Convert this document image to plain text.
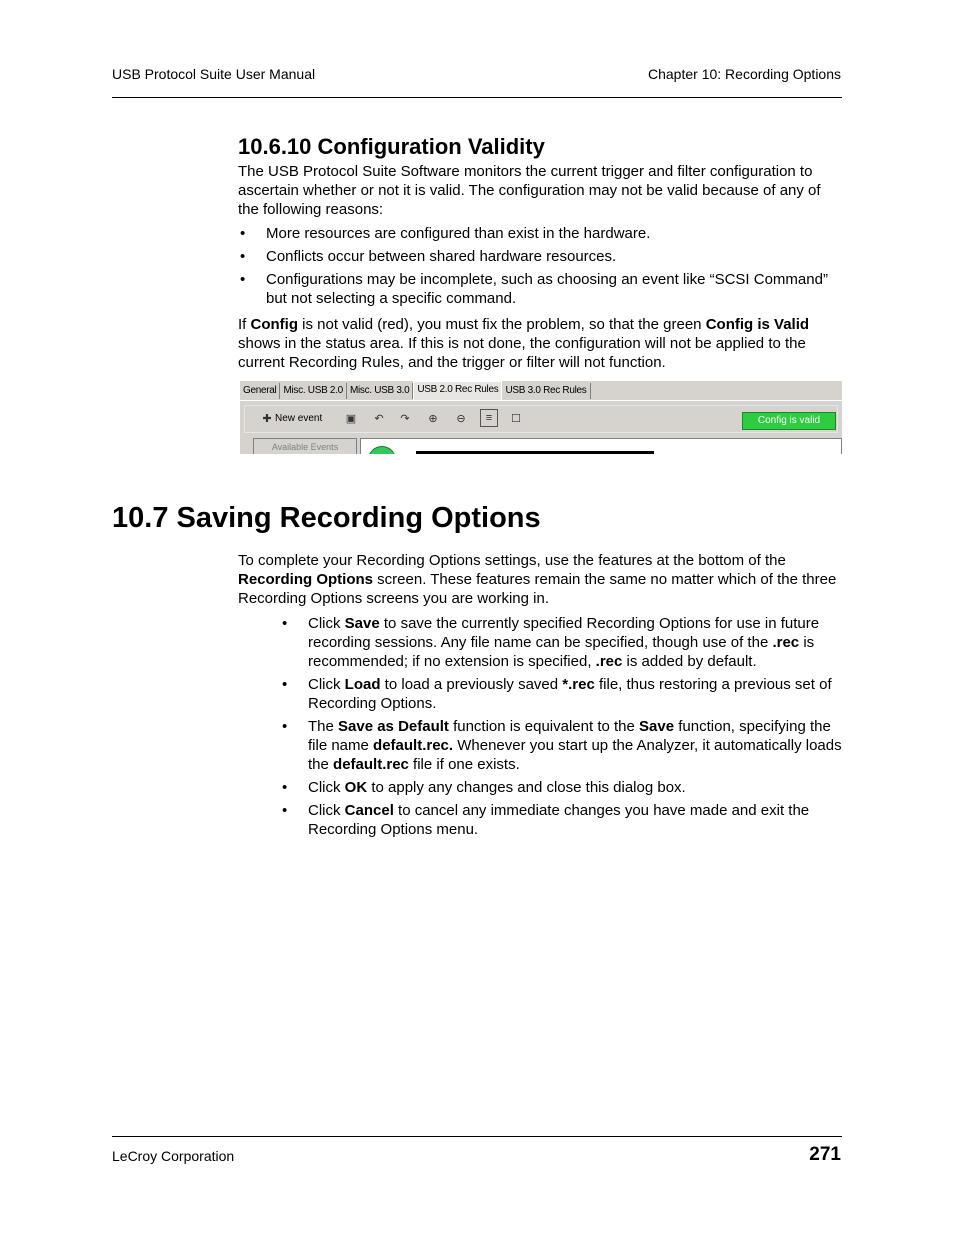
USB Protocol Suite User Manual	Chapter 10: Recording Options
10.6.10 Configuration Validity

The USB Protocol Suite Software monitors the current trigger and filter configuration to ascertain whether or not it is valid. The configuration may not be valid because of any of the following reasons:

• More resources are configured than exist in the hardware.
• Conflicts occur between shared hardware resources.
• Configurations may be incomplete, such as choosing an event like “SCSI Command” but not selecting a specific command.

If Config is not valid (red), you must fix the problem, so that the green Config is Valid shows in the status area. If this is not done, the configuration will not be applied to the current Recording Rules, and the trigger or filter will not function.

General Misc. USB 2.0 Misc. USB 3.0 USB 2.0 Rec Rules USB 3.0 Rec Rules
✚ New event ▣	↶	↷	⊕	⊖	≡	☐	Config is valid
Available Events
10.7 Saving Recording Options

To complete your Recording Options settings, use the features at the bottom of the Recording Options screen. These features remain the same no matter which of the three Recording Options screens you are working in.

• Click Save to save the currently specified Recording Options for use in future recording sessions. Any file name can be specified, though use of the .rec is recommended; if no extension is specified, .rec is added by default.
• Click Load to load a previously saved *.rec file, thus restoring a previous set of Recording Options.
• The Save as Default function is equivalent to the Save function, specifying the file name default.rec. Whenever you start up the Analyzer, it automatically loads the default.rec file if one exists.
• Click OK to apply any changes and close this dialog box.
• Click Cancel to cancel any immediate changes you have made and exit the Recording Options menu.
LeCroy Corporation	271
